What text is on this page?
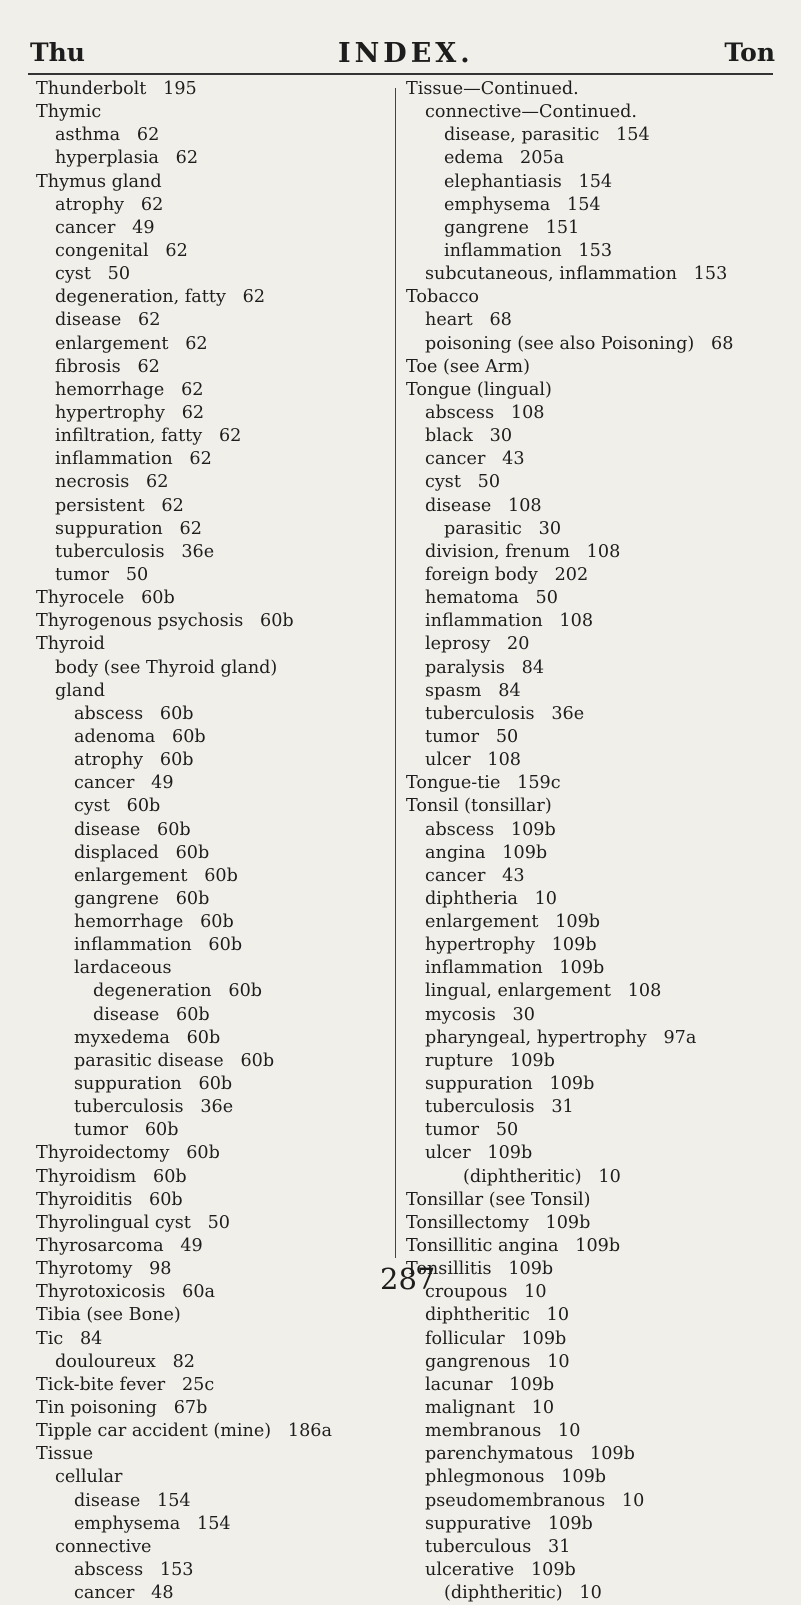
Thu	INDEX.	Ton
Thunderbolt   195
Thymic
asthma   62
hyperplasia   62
Thymus gland
atrophy   62
cancer   49
congenital   62
cyst   50
degeneration, fatty   62
disease   62
enlargement   62
fibrosis   62
hemorrhage   62
hypertrophy   62
infiltration, fatty   62
inflammation   62
necrosis   62
persistent   62
suppuration   62
tuberculosis   36e
tumor   50
Thyrocele   60b
Thyrogenous psychosis   60b
Thyroid
body (see Thyroid gland)
gland
abscess   60b
adenoma   60b
atrophy   60b
cancer   49
cyst   60b
disease   60b
displaced   60b
enlargement   60b
gangrene   60b
hemorrhage   60b
inflammation   60b
lardaceous
degeneration   60b
disease   60b
myxedema   60b
parasitic disease   60b
suppuration   60b
tuberculosis   36e
tumor   60b
Thyroidectomy   60b
Thyroidism   60b
Thyroiditis   60b
Thyrolingual cyst   50
Thyrosarcoma   49
Thyrotomy   98
Thyrotoxicosis   60a
Tibia (see Bone)
Tic   84
douloureux   82
Tick-bite fever   25c
Tin poisoning   67b
Tipple car accident (mine)   186a
Tissue
cellular
disease   154
emphysema   154
connective
abscess   153
cancer   48
Tissue—Continued.
connective—Continued.
disease, parasitic   154
edema   205a
elephantiasis   154
emphysema   154
gangrene   151
inflammation   153
subcutaneous, inflammation   153
Tobacco
heart   68
poisoning (see also Poisoning)   68
Toe (see Arm)
Tongue (lingual)
abscess   108
black   30
cancer   43
cyst   50
disease   108
parasitic   30
division, frenum   108
foreign body   202
hematoma   50
inflammation   108
leprosy   20
paralysis   84
spasm   84
tuberculosis   36e
tumor   50
ulcer   108
Tongue-tie   159c
Tonsil (tonsillar)
abscess   109b
angina   109b
cancer   43
diphtheria   10
enlargement   109b
hypertrophy   109b
inflammation   109b
lingual, enlargement   108
mycosis   30
pharyngeal, hypertrophy   97a
rupture   109b
suppuration   109b
tuberculosis   31
tumor   50
ulcer   109b
(diphtheritic)   10
Tonsillar (see Tonsil)
Tonsillectomy   109b
Tonsillitic angina   109b
Tonsillitis   109b
croupous   10
diphtheritic   10
follicular   109b
gangrenous   10
lacunar   109b
malignant   10
membranous   10
parenchymatous   109b
phlegmonous   109b
pseudomembranous   10
suppurative   109b
tuberculous   31
ulcerative   109b
(diphtheritic)   10
287
